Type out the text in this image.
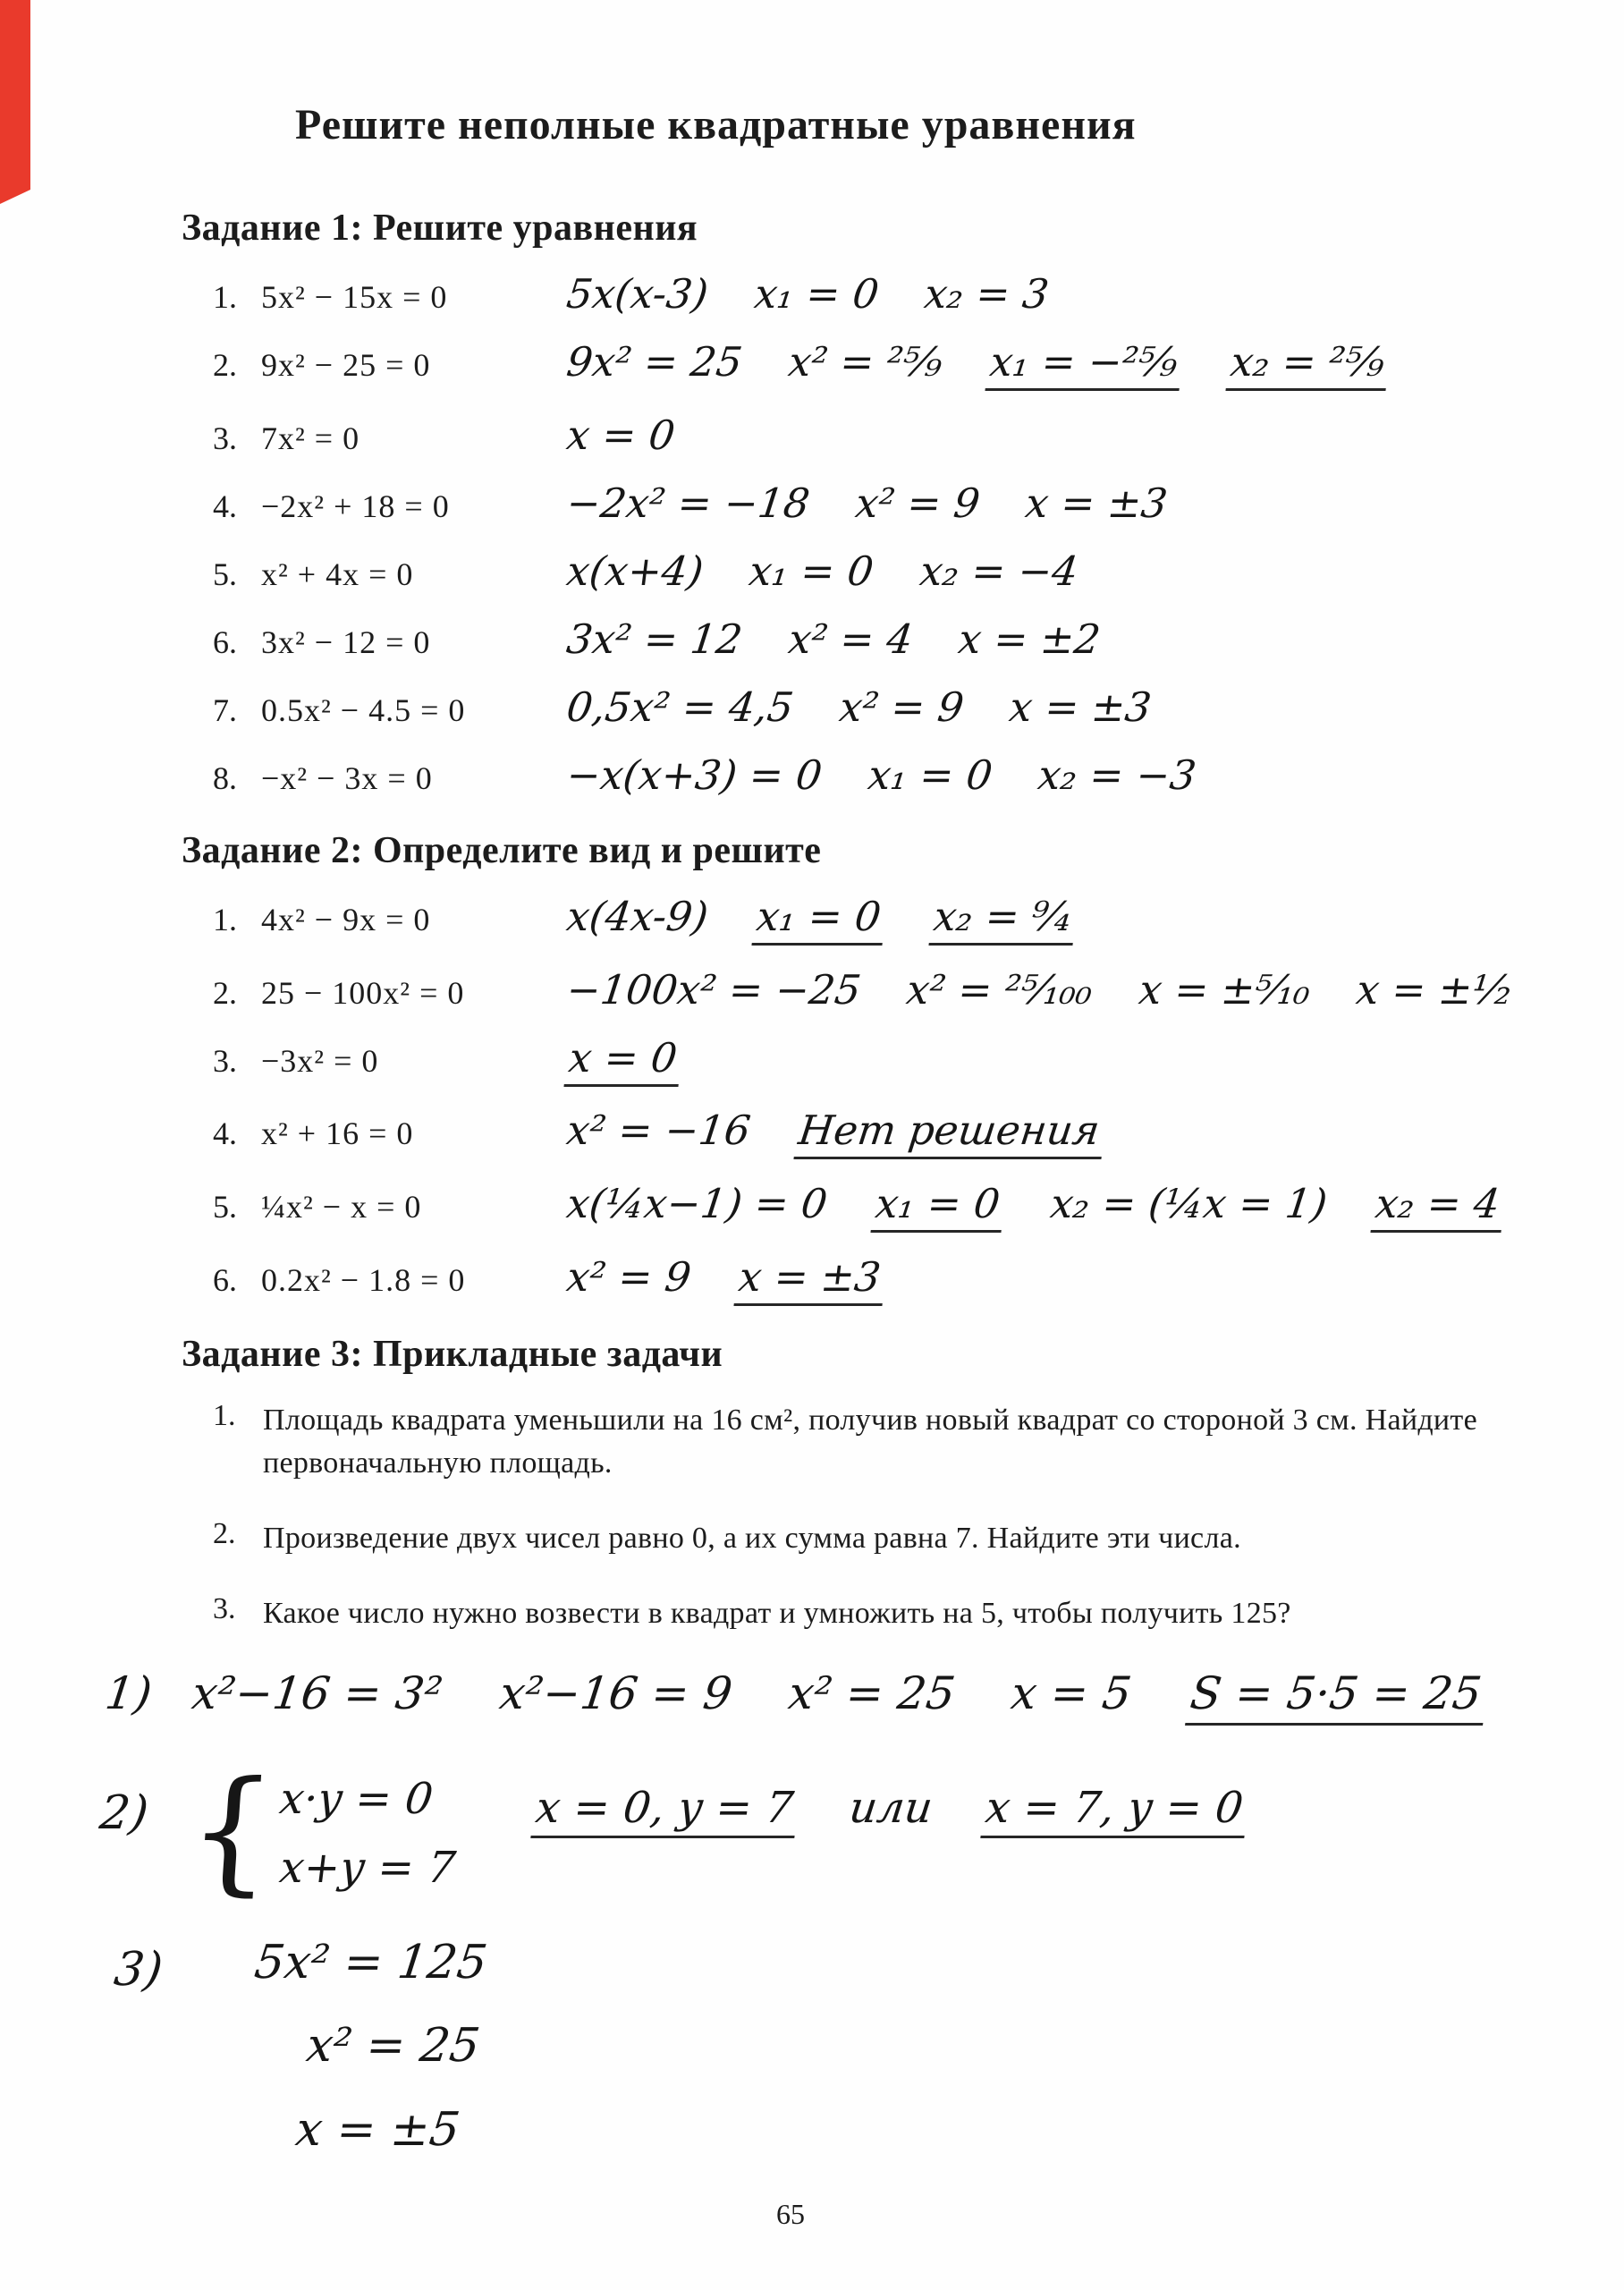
Решите неполные квадратные уравнения
Задание 1: Решите уравнения
1. 5x² − 15x = 0	5x(x-3) x₁ = 0 x₂ = 3
2. 9x² − 25 = 0	9x² = 25 x² = ²⁵⁄₉ x₁ = −²⁵⁄₉ x₂ = ²⁵⁄₉
3. 7x² = 0	x = 0
4. −2x² + 18 = 0	−2x² = −18 x² = 9 x = ±3
5. x² + 4x = 0	x(x+4) x₁ = 0 x₂ = −4
6. 3x² − 12 = 0	3x² = 12 x² = 4 x = ±2
7. 0.5x² − 4.5 = 0	0,5x² = 4,5 x² = 9 x = ±3
8. −x² − 3x = 0	−x(x+3) = 0 x₁ = 0 x₂ = −3
Задание 2: Определите вид и решите
1. 4x² − 9x = 0	x(4x-9) x₁ = 0 x₂ = ⁹⁄₄
2. 25 − 100x² = 0	−100x² = −25 x² = ²⁵⁄₁₀₀ x = ±⁵⁄₁₀ x = ±¹⁄₂
3. −3x² = 0	x = 0
4. x² + 16 = 0	x² = −16 Нет решения
5. ¼x² − x = 0	x(¼x−1) = 0 x₁ = 0 x₂ = (¼x = 1) x₂ = 4
6. 0.2x² − 1.8 = 0	x² = 9 x = ±3
Задание 3: Прикладные задачи
1. Площадь квадрата уменьшили на 16 см², получив новый квадрат со стороной 3 см. Найдите первоначальную площадь.
2. Произведение двух чисел равно 0, а их сумма равна 7. Найдите эти числа.
3. Какое число нужно возвести в квадрат и умножить на 5, чтобы получить 125?
1) x²−16 = 3² x²−16 = 9 x² = 25 x = 5 S = 5·5 = 25
2) {
x·y = 0
x+y = 7
x = 0, y = 7 или x = 7, y = 0
3) 5x² = 125
x² = 25
x = ±5
65
